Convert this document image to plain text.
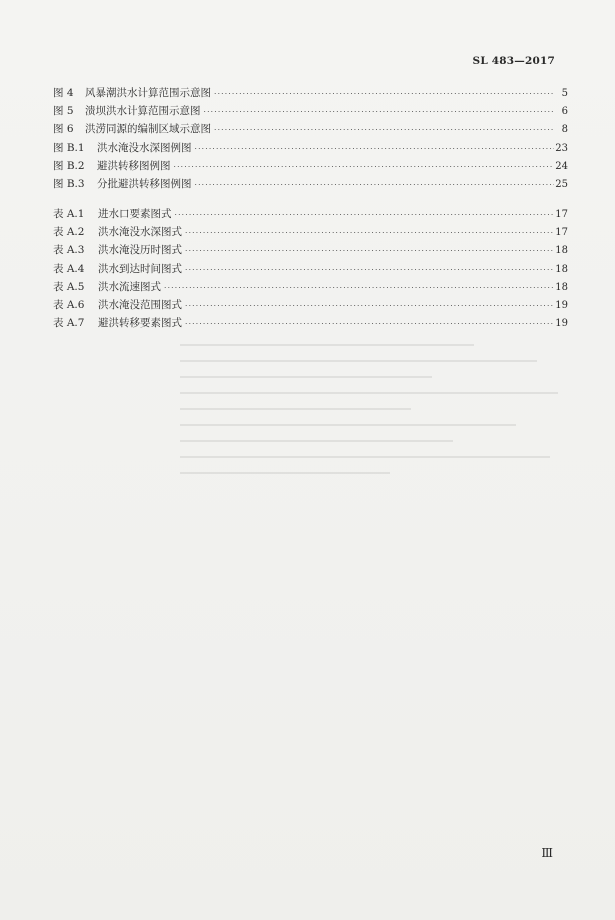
SL 483—2017
图 4	风暴潮洪水计算范围示意图 ·····	5
图 5	溃坝洪水计算范围示意图 ·····	6
图 6	洪涝同源的编制区域示意图 ·····	8
图 B.1	洪水淹没水深图例图 ·····	23
图 B.2	避洪转移图例图 ·····	24
图 B.3	分批避洪转移图例图 ·····	25
表 A.1	进水口要素图式 ·····	17
表 A.2	洪水淹没水深图式 ·····	17
表 A.3	洪水淹没历时图式 ·····	18
表 A.4	洪水到达时间图式 ·····	18
表 A.5	洪水流速图式 ·····	18
表 A.6	洪水淹没范围图式 ·····	19
表 A.7	避洪转移要素图式 ·····	19
Ⅲ
